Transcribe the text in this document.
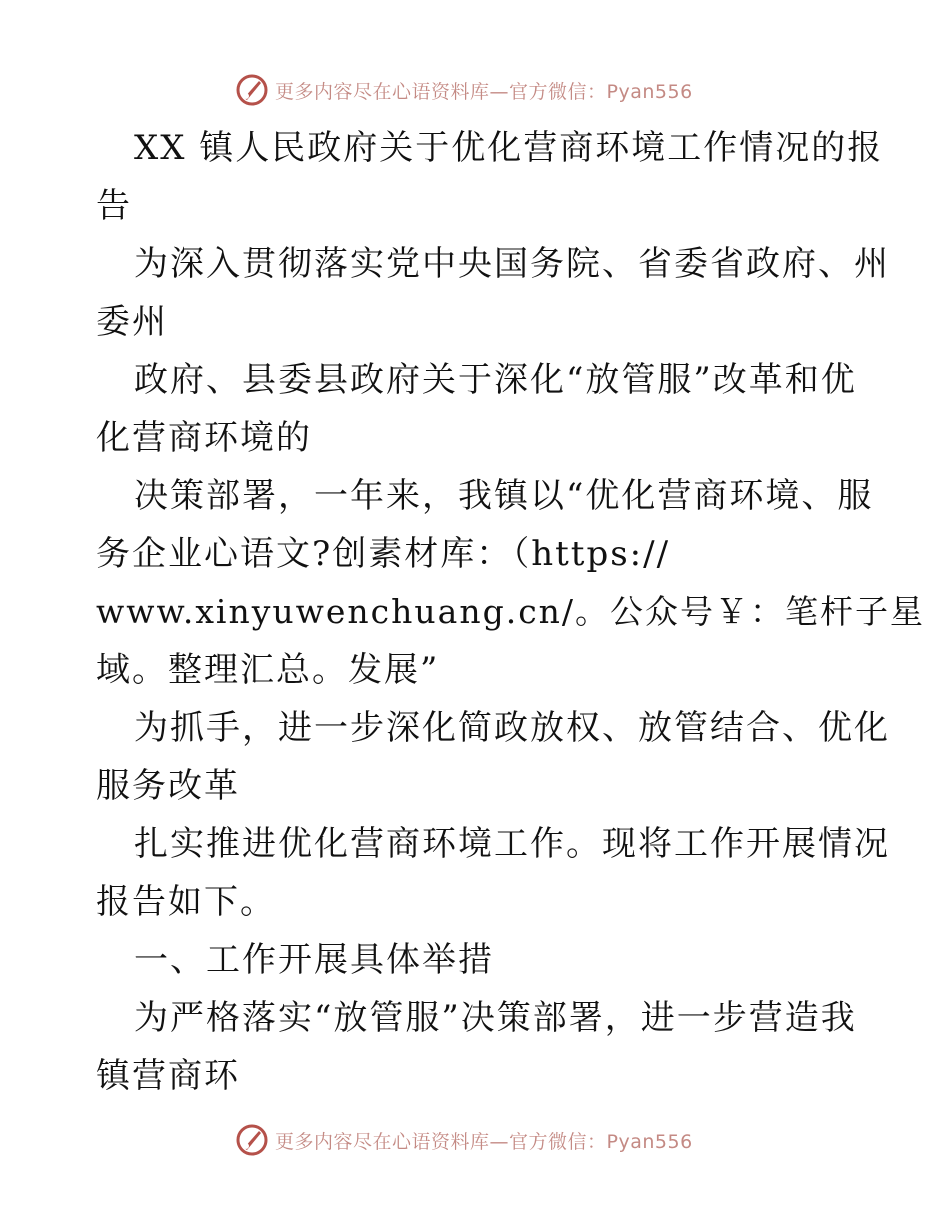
更多内容尽在心语资料库—官方微信：Pyan556

XX 镇人民政府关于优化营商环境工作情况的报

告

为深入贯彻落实党中央国务院、省委省政府、州

委州

政府、县委县政府关于深化“放管服”改革和优

化营商环境的

决策部署，一年来，我镇以“优化营商环境、服

务企业心语文?创素材库：（https://

www.xinyuwenchuang.cn/。公众号￥：笔杆子星

域。整理汇总。发展”

为抓手，进一步深化简政放权、放管结合、优化

服务改革

扎实推进优化营商环境工作。现将工作开展情况

报告如下。

一、工作开展具体举措

为严格落实“放管服”决策部署，进一步营造我

镇营商环

更多内容尽在心语资料库—官方微信：Pyan556
